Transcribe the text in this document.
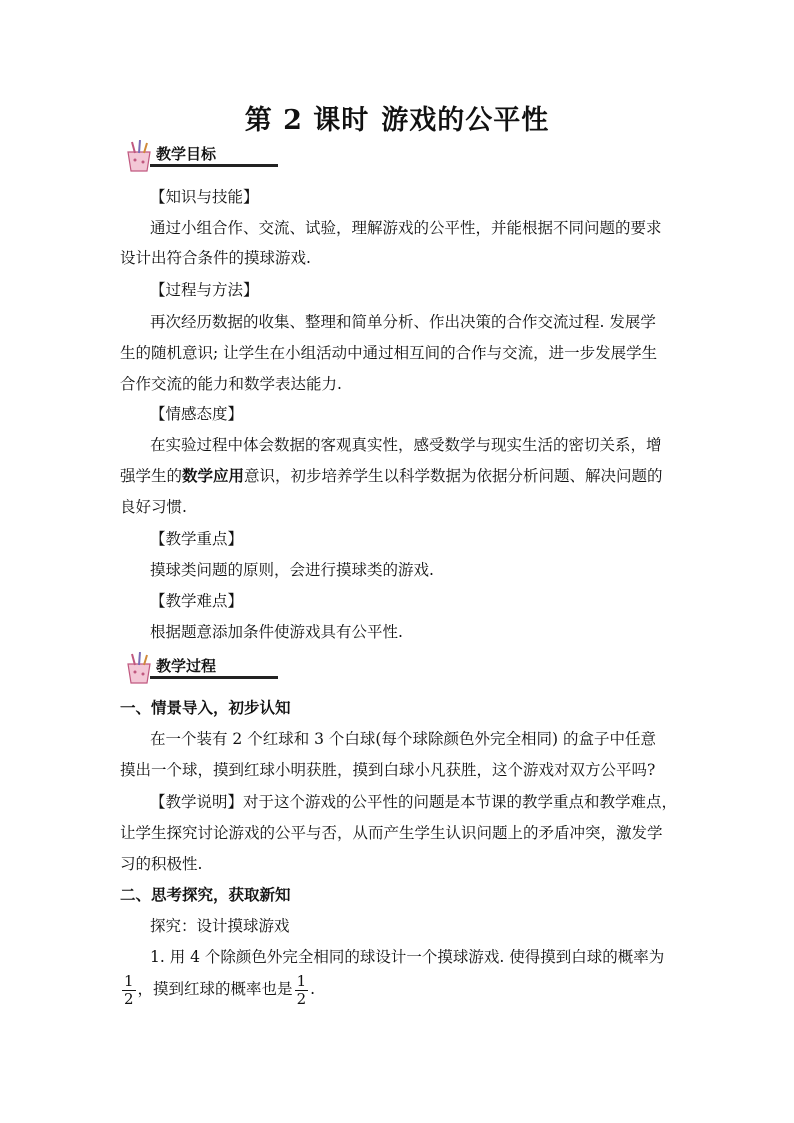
第 2 课时 游戏的公平性
教学目标
【知识与技能】
通过小组合作、交流、试验，理解游戏的公平性，并能根据不同问题的要求
设计出符合条件的摸球游戏.
【过程与方法】
再次经历数据的收集、整理和简单分析、作出决策的合作交流过程. 发展学
生的随机意识; 让学生在小组活动中通过相互间的合作与交流，进一步发展学生
合作交流的能力和数学表达能力.
【情感态度】
在实验过程中体会数据的客观真实性，感受数学与现实生活的密切关系，增
强学生的数学应用意识，初步培养学生以科学数据为依据分析问题、解决问题的
良好习惯.
【教学重点】
摸球类问题的原则，会进行摸球类的游戏.
【教学难点】
根据题意添加条件使游戏具有公平性.
教学过程
一、情景导入，初步认知
在一个装有 2 个红球和 3 个白球(每个球除颜色外完全相同) 的盒子中任意
摸出一个球，摸到红球小明获胜，摸到白球小凡获胜，这个游戏对双方公平吗?
【教学说明】对于这个游戏的公平性的问题是本节课的教学重点和教学难点，
让学生探究讨论游戏的公平与否，从而产生学生认识问题上的矛盾冲突，激发学
习的积极性.
二、思考探究，获取新知
探究：设计摸球游戏
1. 用 4 个除颜色外完全相同的球设计一个摸球游戏. 使得摸到白球的概率为
$\frac{1}{2}$ ，摸到红球的概率也是 $\frac{1}{2}$ .
